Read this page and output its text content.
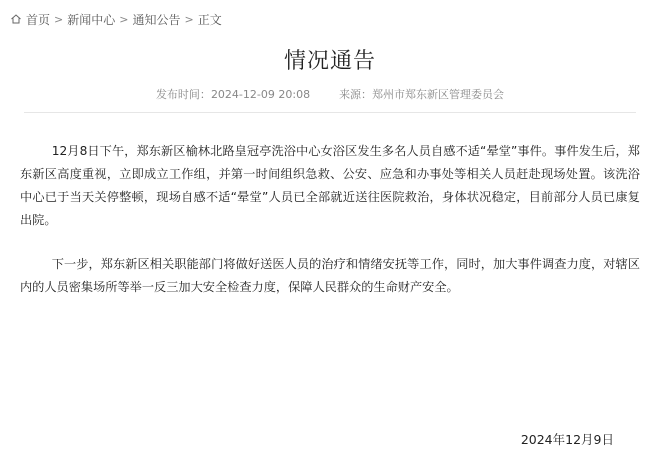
首页 > 新闻中心 > 通知公告 > 正文
情况通告
发布时间：2024-12-09 20:08	来源：郑州市郑东新区管理委员会

12月8日下午，郑东新区榆林北路皇冠亭洗浴中心女浴区发生多名人员自感不适“晕堂”事件。事件发生后，郑东新区高度重视，立即成立工作组，并第一时间组织急救、公安、应急和办事处等相关人员赶赴现场处置。该洗浴中心已于当天关停整顿，现场自感不适“晕堂”人员已全部就近送往医院救治，身体状况稳定，目前部分人员已康复出院。

下一步，郑东新区相关职能部门将做好送医人员的治疗和情绪安抚等工作，同时，加大事件调查力度，对辖区内的人员密集场所等举一反三加大安全检查力度，保障人民群众的生命财产安全。

2024年12月9日
